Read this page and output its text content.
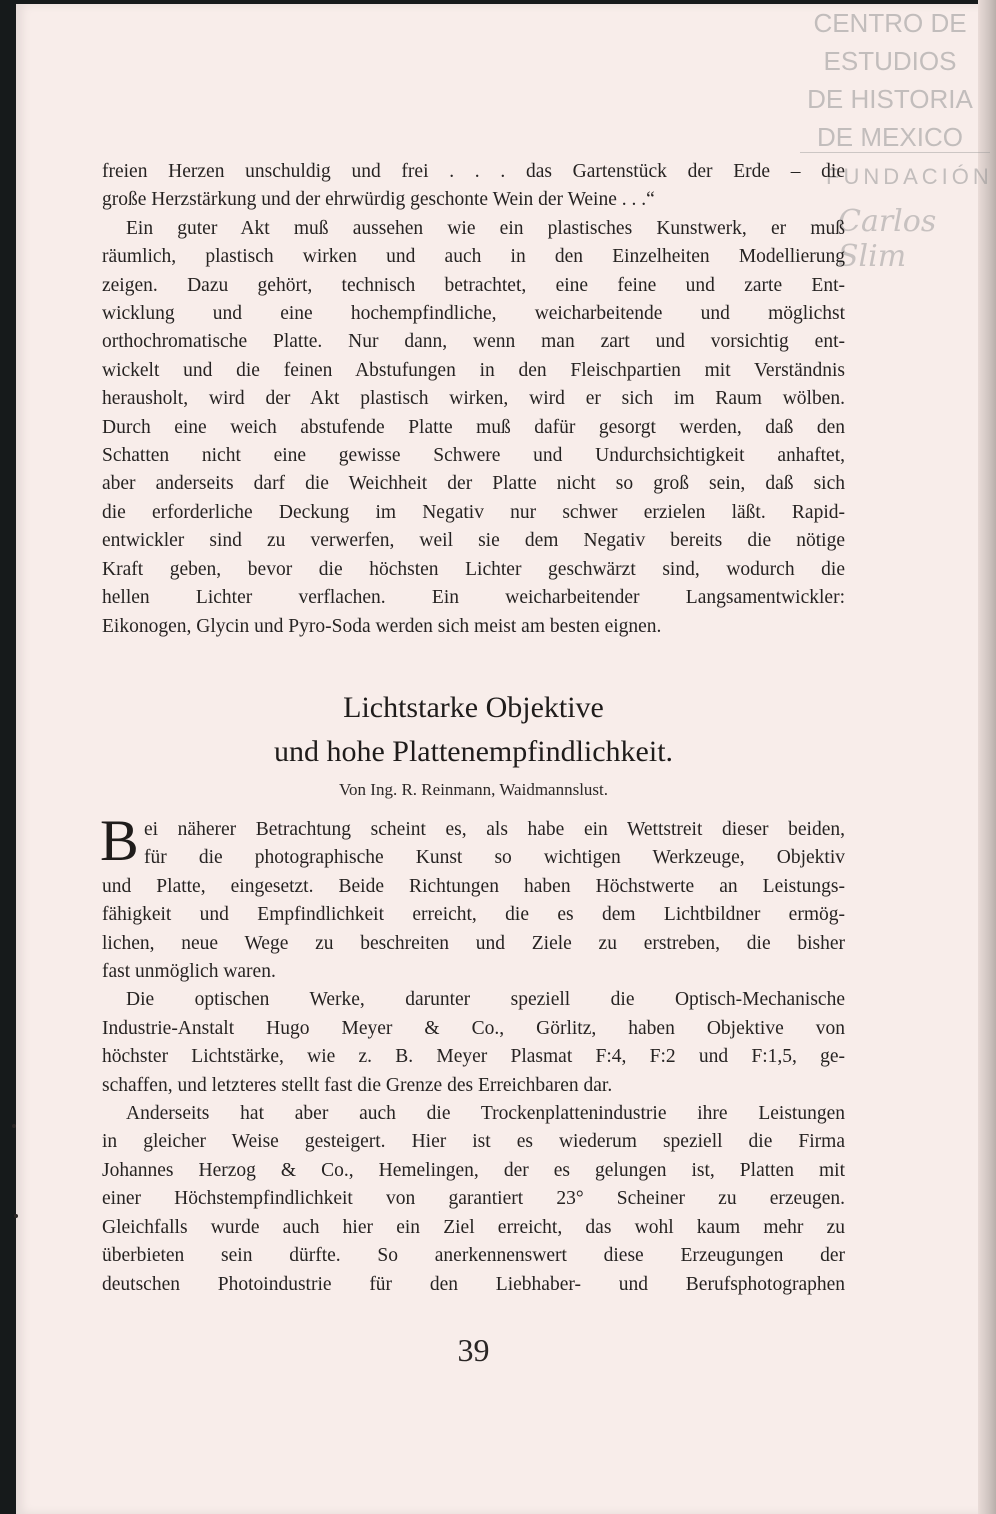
CENTRO DE
ESTUDIOS
DE HISTORIA
DE MEXICO
FUNDACIÓN
Carlos Slim
freien Herzen unschuldig und frei . . . das Gartenstück der Erde – die
große Herzstärkung und der ehrwürdig geschonte Wein der Weine . . .“
Ein guter Akt muß aussehen wie ein plastisches Kunstwerk, er muß
räumlich, plastisch wirken und auch in den Einzelheiten Modellierung
zeigen. Dazu gehört, technisch betrachtet, eine feine und zarte Ent-
wicklung und eine hochempfindliche, weicharbeitende und möglichst
orthochromatische Platte. Nur dann, wenn man zart und vorsichtig ent-
wickelt und die feinen Abstufungen in den Fleischpartien mit Verständnis
herausholt, wird der Akt plastisch wirken, wird er sich im Raum wölben.
Durch eine weich abstufende Platte muß dafür gesorgt werden, daß den
Schatten nicht eine gewisse Schwere und Undurchsichtigkeit anhaftet,
aber anderseits darf die Weichheit der Platte nicht so groß sein, daß sich
die erforderliche Deckung im Negativ nur schwer erzielen läßt. Rapid-
entwickler sind zu verwerfen, weil sie dem Negativ bereits die nötige
Kraft geben, bevor die höchsten Lichter geschwärzt sind, wodurch die
hellen Lichter verflachen. Ein weicharbeitender Langsamentwickler:
Eikonogen, Glycin und Pyro-Soda werden sich meist am besten eignen.
Lichtstarke Objektive
und hohe Plattenempfindlichkeit.
Von Ing. R. Reinmann, Waidmannslust.
B ei näherer Betrachtung scheint es, als habe ein Wettstreit dieser beiden,
für die photographische Kunst so wichtigen Werkzeuge, Objektiv
und Platte, eingesetzt. Beide Richtungen haben Höchstwerte an Leistungs-
fähigkeit und Empfindlichkeit erreicht, die es dem Lichtbildner ermög-
lichen, neue Wege zu beschreiten und Ziele zu erstreben, die bisher
fast unmöglich waren.
Die optischen Werke, darunter speziell die Optisch-Mechanische
Industrie-Anstalt Hugo Meyer & Co., Görlitz, haben Objektive von
höchster Lichtstärke, wie z. B. Meyer Plasmat F:4, F:2 und F:1,5, ge-
schaffen, und letzteres stellt fast die Grenze des Erreichbaren dar.
Anderseits hat aber auch die Trockenplattenindustrie ihre Leistungen
in gleicher Weise gesteigert. Hier ist es wiederum speziell die Firma
Johannes Herzog & Co., Hemelingen, der es gelungen ist, Platten mit
einer Höchstempfindlichkeit von garantiert 23° Scheiner zu erzeugen.
Gleichfalls wurde auch hier ein Ziel erreicht, das wohl kaum mehr zu
überbieten sein dürfte. So anerkennenswert diese Erzeugungen der
deutschen Photoindustrie für den Liebhaber- und Berufsphotographen
39
